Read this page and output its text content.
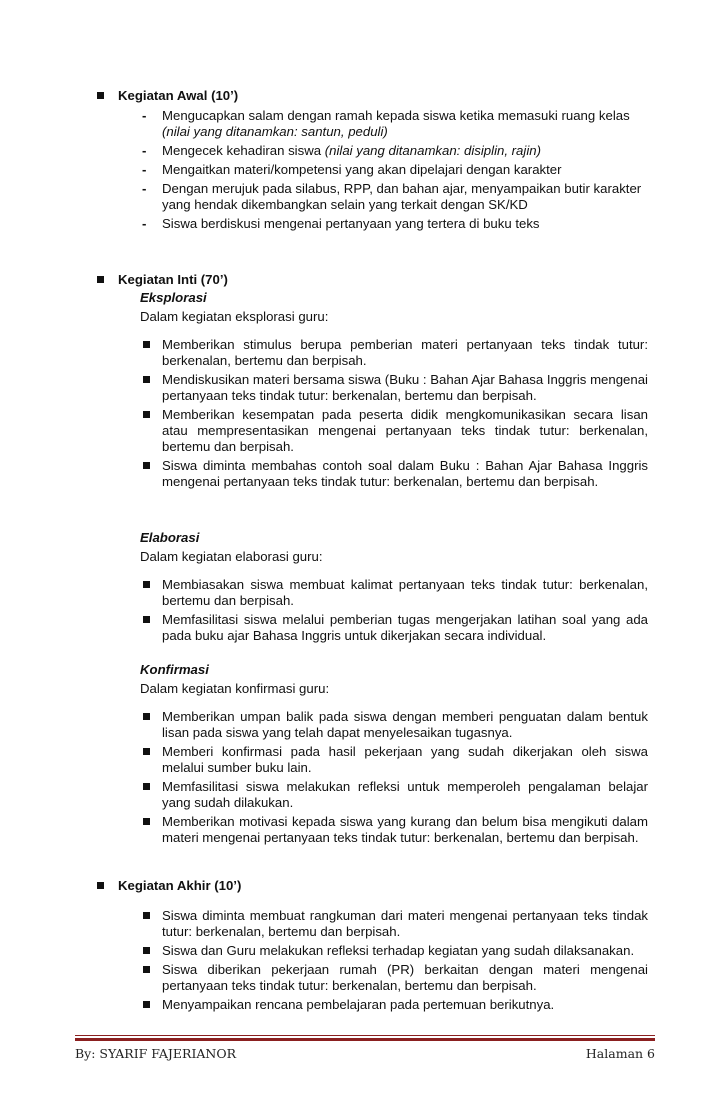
Kegiatan Awal (10’)
- Mengucapkan salam dengan ramah kepada siswa ketika memasuki ruang kelas (nilai yang ditanamkan: santun, peduli)
- Mengecek kehadiran siswa (nilai yang ditanamkan: disiplin, rajin)
- Mengaitkan materi/kompetensi yang akan dipelajari dengan karakter
- Dengan merujuk pada silabus, RPP, dan bahan ajar, menyampaikan butir karakter yang hendak dikembangkan selain yang terkait dengan SK/KD
- Siswa berdiskusi mengenai pertanyaan yang tertera di buku teks
Kegiatan Inti (70’)
Eksplorasi
Dalam kegiatan eksplorasi guru:
Memberikan stimulus berupa pemberian materi pertanyaan teks tindak tutur: berkenalan, bertemu dan berpisah.
Mendiskusikan materi bersama siswa (Buku : Bahan Ajar Bahasa Inggris mengenai pertanyaan teks tindak tutur: berkenalan, bertemu dan berpisah.
Memberikan kesempatan pada peserta didik mengkomunikasikan secara lisan atau mempresentasikan mengenai pertanyaan teks tindak tutur: berkenalan, bertemu dan berpisah.
Siswa diminta membahas contoh soal dalam Buku : Bahan Ajar Bahasa Inggris mengenai pertanyaan teks tindak tutur: berkenalan, bertemu dan berpisah.
Elaborasi
Dalam kegiatan elaborasi guru:
Membiasakan siswa membuat kalimat pertanyaan teks tindak tutur: berkenalan, bertemu dan berpisah.
Memfasilitasi siswa melalui pemberian tugas mengerjakan latihan soal yang ada pada buku ajar Bahasa Inggris untuk dikerjakan secara individual.
Konfirmasi
Dalam kegiatan konfirmasi guru:
Memberikan umpan balik pada siswa dengan memberi penguatan dalam bentuk lisan pada siswa yang telah dapat menyelesaikan tugasnya.
Memberi konfirmasi pada hasil pekerjaan yang sudah dikerjakan oleh siswa melalui sumber buku lain.
Memfasilitasi siswa melakukan refleksi untuk memperoleh pengalaman belajar yang sudah dilakukan.
Memberikan motivasi kepada siswa yang kurang dan belum bisa mengikuti dalam materi mengenai pertanyaan teks tindak tutur: berkenalan, bertemu dan berpisah.
Kegiatan Akhir (10’)
Siswa diminta membuat rangkuman dari materi mengenai pertanyaan teks tindak tutur: berkenalan, bertemu dan berpisah.
Siswa dan Guru melakukan refleksi terhadap kegiatan yang sudah dilaksanakan.
Siswa diberikan pekerjaan rumah (PR) berkaitan dengan materi mengenai pertanyaan teks tindak tutur: berkenalan, bertemu dan berpisah.
Menyampaikan rencana pembelajaran pada pertemuan berikutnya.
By: SYARIF FAJERIANOR	Halaman 6
